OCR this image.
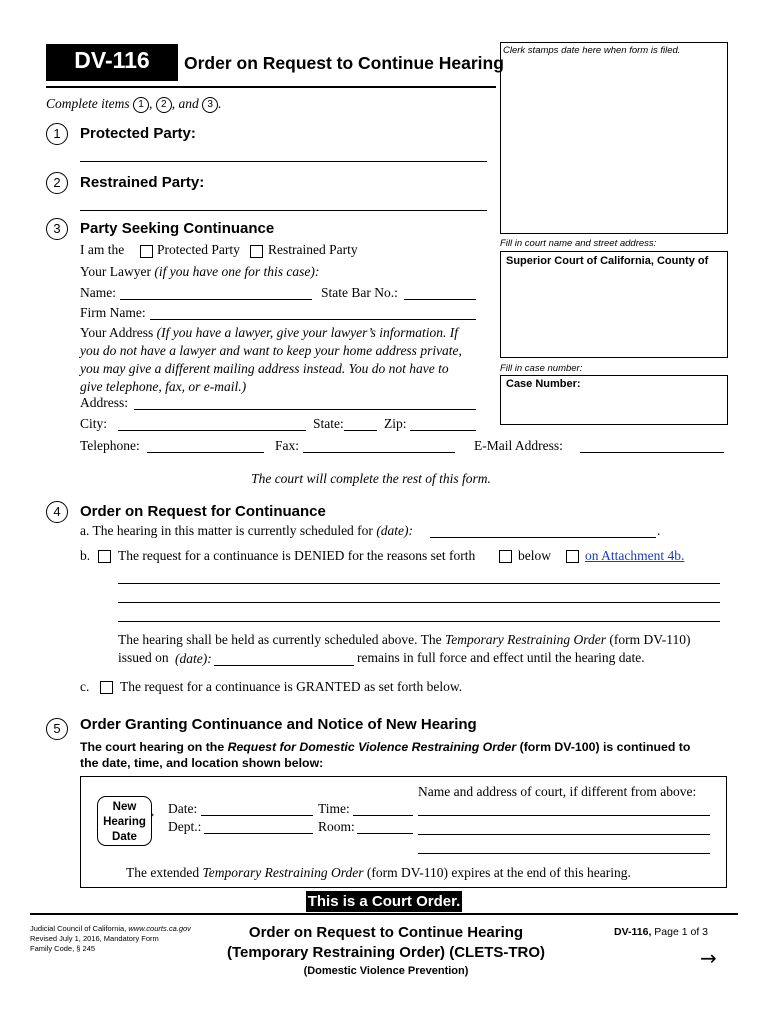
DV-116	Order on Request to Continue Hearing
Clerk stamps date here when form is filed.
Fill in court name and street address:
Superior Court of California, County of
Fill in case number:
Case Number:
Complete items 1 , 2 , and 3 .
1	Protected Party:
2	Restrained Party:
3	Party Seeking Continuance
I am the Protected Party Restrained Party
Your Lawyer (if you have one for this case):
Name:	State Bar No.:
Firm Name:
Your Address (If you have a lawyer, give your lawyer’s information. If
you do not have a lawyer and want to keep your home address private,
you may give a different mailing address instead. You do not have to
give telephone, fax, or e-mail.)
Address:
City:	State:	Zip:
Telephone:	Fax:	E-Mail Address:
The court will complete the rest of this form.
4	Order on Request for Continuance
a. The hearing in this matter is currently scheduled for (date):	.
b. The request for a continuance is DENIED for the reasons set forth	below	on Attachment 4b.
The hearing shall be held as currently scheduled above. The Temporary Restraining Order (form DV-110)
issued on (date):	remains in full force and effect until the hearing date.
c. The request for a continuance is GRANTED as set forth below.
5	Order Granting Continuance and Notice of New Hearing
The court hearing on the Request for Domestic Violence Restraining Order (form DV-100) is continued to
the date, time, and location shown below:
New
Hearing
Date
› Date:	Time:
Dept.:	Room:
Name and address of court, if different from above:
The extended Temporary Restraining Order (form DV-110) expires at the end of this hearing.
This is a Court Order.
Judicial Council of California, www.courts.ca.gov
Revised July 1, 2016, Mandatory Form
Family Code, § 245
Order on Request to Continue Hearing
(Temporary Restraining Order) (CLETS-TRO)
(Domestic Violence Prevention)
DV-116, Page 1 of 3
→
